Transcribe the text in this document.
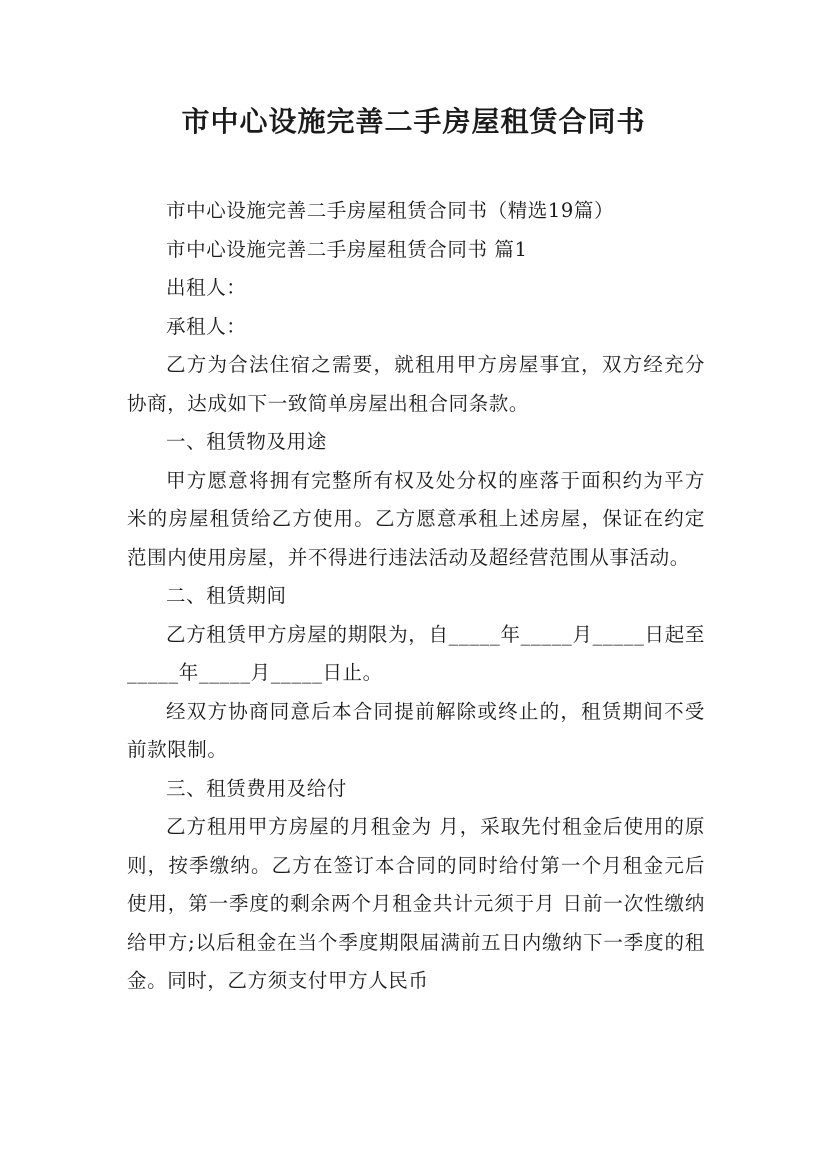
市中心设施完善二手房屋租赁合同书

市中心设施完善二手房屋租赁合同书（精选19篇）

市中心设施完善二手房屋租赁合同书 篇1

出租人：

承租人：

乙方为合法住宿之需要，就租用甲方房屋事宜，双方经充分协商，达成如下一致简单房屋出租合同条款。

一、租赁物及用途

甲方愿意将拥有完整所有权及处分权的座落于面积约为平方米的房屋租赁给乙方使用。乙方愿意承租上述房屋，保证在约定范围内使用房屋，并不得进行违法活动及超经营范围从事活动。

二、租赁期间

乙方租赁甲方房屋的期限为，自_____年_____月_____日起至_____年_____月_____日止。

经双方协商同意后本合同提前解除或终止的，租赁期间不受前款限制。

三、租赁费用及给付

乙方租用甲方房屋的月租金为 月，采取先付租金后使用的原则，按季缴纳。乙方在签订本合同的同时给付第一个月租金元后使用，第一季度的剩余两个月租金共计元须于月 日前一次性缴纳给甲方;以后租金在当个季度期限届满前五日内缴纳下一季度的租金。同时，乙方须支付甲方人民币
